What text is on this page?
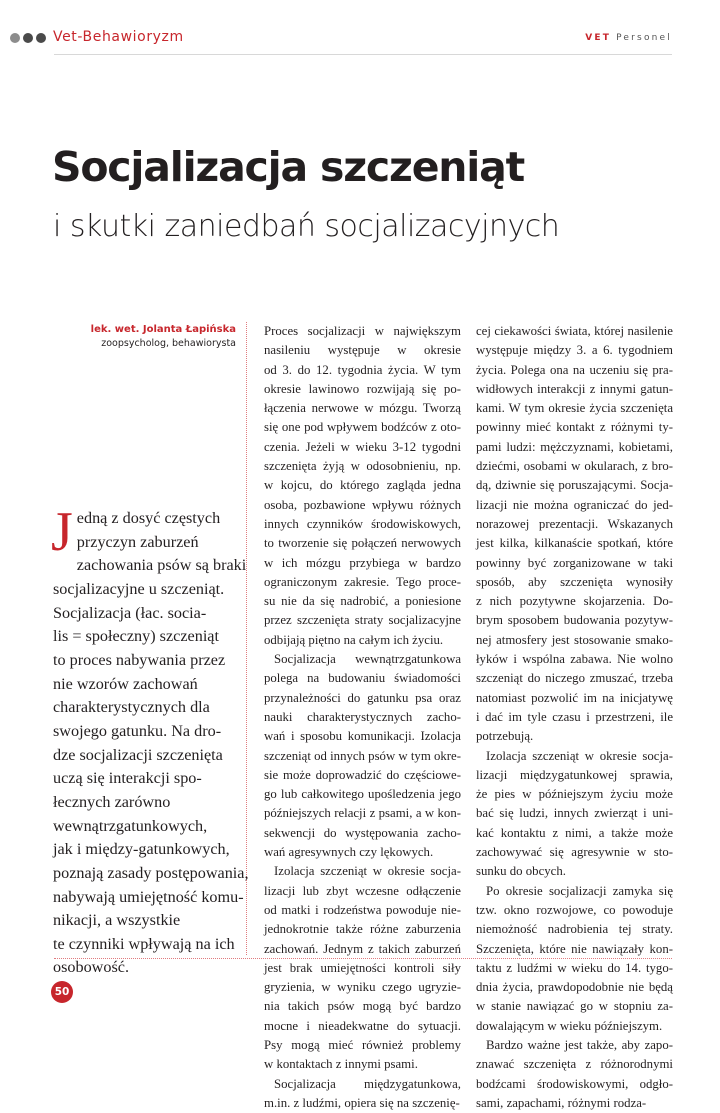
Vet-Behawioryzm	VET Personel
Socjalizacja szczeniąt
i skutki zaniedbań socjalizacyjnych
lek. wet. Jolanta Łapińska
zoopsycholog, behawiorysta
J edną z dosyć częstych
przyczyn zaburzeń
zachowania psów są braki
socjalizacyjne u szczeniąt.
Socjalizacja (łac. socia-
lis = społeczny) szczeniąt
to proces nabywania przez
nie wzorów zachowań
charakterystycznych dla
swojego gatunku. Na dro-
dze socjalizacji szczenięta
uczą się interakcji spo-
łecznych zarówno
wewnątrzgatunkowych,
jak i między-gatunkowych,
poznają zasady postępowania,
nabywają umiejętność komu-
nikacji, a wszystkie
te czynniki wpływają na ich
osobowość.
Proces socjalizacji w największym
nasileniu występuje w okresie
od 3. do 12. tygodnia życia. W tym
okresie lawinowo rozwijają się po-
łączenia nerwowe w mózgu. Tworzą
się one pod wpływem bodźców z oto-
czenia. Jeżeli w wieku 3-12 tygodni
szczenięta żyją w odosobnieniu, np.
w kojcu, do którego zagląda jedna
osoba, pozbawione wpływu różnych
innych czynników środowiskowych,
to tworzenie się połączeń nerwowych
w ich mózgu przybiega w bardzo
ograniczonym zakresie. Tego proce-
su nie da się nadrobić, a poniesione
przez szczenięta straty socjalizacyjne
odbijają piętno na całym ich życiu.
Socjalizacja wewnątrzgatunkowa
polega na budowaniu świadomości
przynależności do gatunku psa oraz
nauki charakterystycznych zacho-
wań i sposobu komunikacji. Izolacja
szczeniąt od innych psów w tym okre-
sie może doprowadzić do częściowe-
go lub całkowitego upośledzenia jego
późniejszych relacji z psami, a w kon-
sekwencji do występowania zacho-
wań agresywnych czy lękowych.
Izolacja szczeniąt w okresie socja-
lizacji lub zbyt wczesne odłączenie
od matki i rodzeństwa powoduje nie-
jednokrotnie także różne zaburzenia
zachowań. Jednym z takich zaburzeń
jest brak umiejętności kontroli siły
gryzienia, w wyniku czego ugryzie-
nia takich psów mogą być bardzo
mocne i nieadekwatne do sytuacji.
Psy mogą mieć również problemy
w kontaktach z innymi psami.
Socjalizacja międzygatunkowa,
m.in. z ludźmi, opiera się na szczenię-
cej ciekawości świata, której nasilenie
występuje między 3. a 6. tygodniem
życia. Polega ona na uczeniu się pra-
widłowych interakcji z innymi gatun-
kami. W tym okresie życia szczenięta
powinny mieć kontakt z różnymi ty-
pami ludzi: mężczyznami, kobietami,
dziećmi, osobami w okularach, z bro-
dą, dziwnie się poruszającymi. Socja-
lizacji nie można ograniczać do jed-
norazowej prezentacji. Wskazanych
jest kilka, kilkanaście spotkań, które
powinny być zorganizowane w taki
sposób, aby szczenięta wynosiły
z nich pozytywne skojarzenia. Do-
brym sposobem budowania pozytyw-
nej atmosfery jest stosowanie smako-
łyków i wspólna zabawa. Nie wolno
szczeniąt do niczego zmuszać, trzeba
natomiast pozwolić im na inicjatywę
i dać im tyle czasu i przestrzeni, ile
potrzebują.
Izolacja szczeniąt w okresie socja-
lizacji międzygatunkowej sprawia,
że pies w późniejszym życiu może
bać się ludzi, innych zwierząt i uni-
kać kontaktu z nimi, a także może
zachowywać się agresywnie w sto-
sunku do obcych.
Po okresie socjalizacji zamyka się
tzw. okno rozwojowe, co powoduje
niemożność nadrobienia tej straty.
Szczenięta, które nie nawiązały kon-
taktu z ludźmi w wieku do 14. tygo-
dnia życia, prawdopodobnie nie będą
w stanie nawiązać go w stopniu za-
dowalającym w wieku późniejszym.
Bardzo ważne jest także, aby zapo-
znawać szczenięta z różnorodnymi
bodźcami środowiskowymi, odgło-
sami, zapachami, różnymi rodza-
50
